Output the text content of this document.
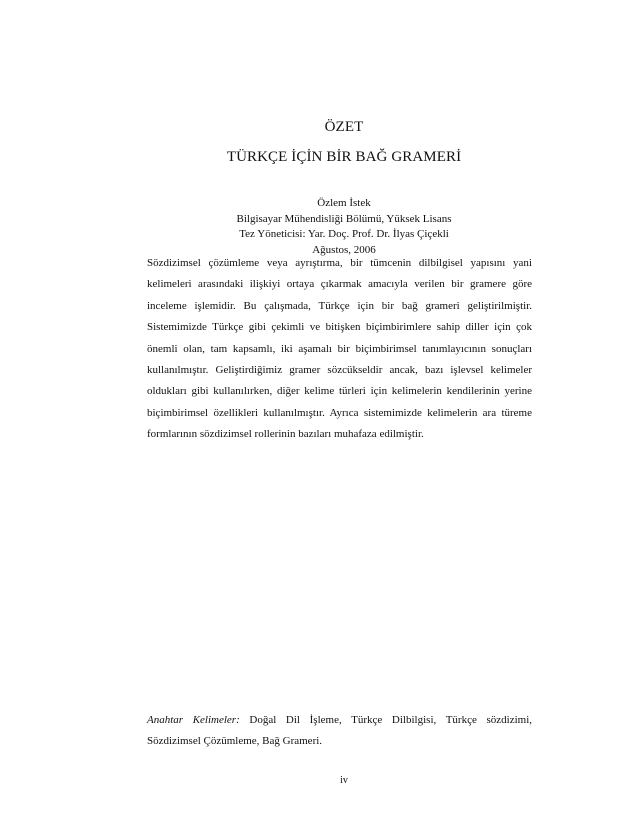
ÖZET
TÜRKÇE İÇİN BİR BAĞ GRAMERİ
Özlem İstek
Bilgisayar Mühendisliği Bölümü, Yüksek Lisans
Tez Yöneticisi: Yar. Doç. Prof. Dr. İlyas Çiçekli
Ağustos, 2006

Sözdizimsel çözümleme veya ayrıştırma, bir tümcenin dilbilgisel yapısını yani kelimeleri arasındaki ilişkiyi ortaya çıkarmak amacıyla verilen bir gramere göre inceleme işlemidir. Bu çalışmada, Türkçe için bir bağ grameri geliştirilmiştir. Sistemimizde Türkçe gibi çekimli ve bitişken biçimbirimlere sahip diller için çok önemli olan, tam kapsamlı, iki aşamalı bir biçimbirimsel tanımlayıcının sonuçları kullanılmıştır. Geliştirdiğimiz gramer sözcükseldir ancak, bazı işlevsel kelimeler oldukları gibi kullanılırken, diğer kelime türleri için kelimelerin kendilerinin yerine biçimbirimsel özellikleri kullanılmıştır. Ayrıca sistemimizde kelimelerin ara türeme formlarının sözdizimsel rollerinin bazıları muhafaza edilmiştir.

Anahtar Kelimeler: Doğal Dil İşleme, Türkçe Dilbilgisi, Türkçe sözdizimi, Sözdizimsel Çözümleme, Bağ Grameri.

iv
